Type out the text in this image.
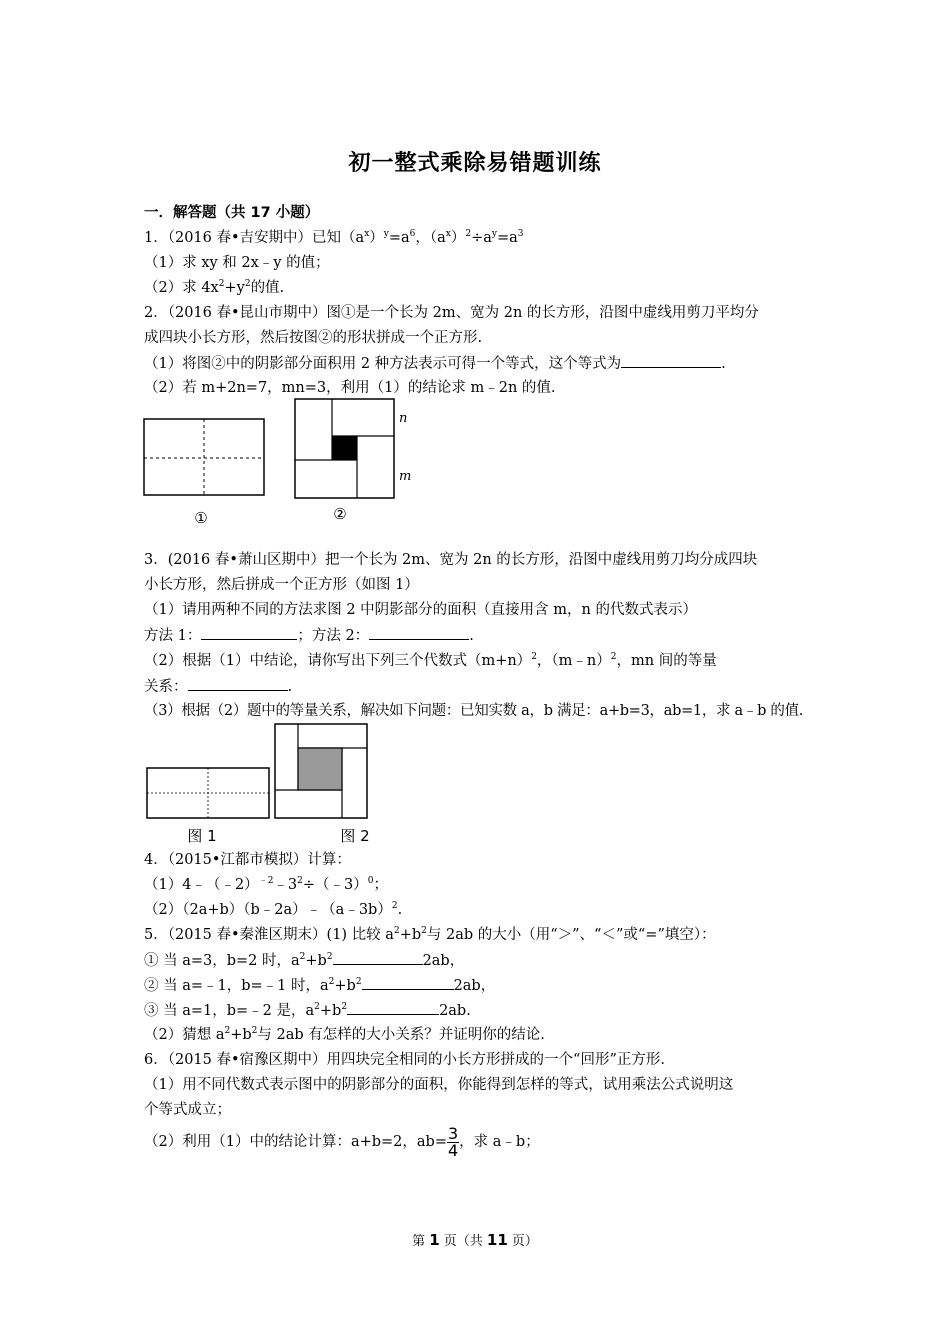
初一整式乘除易错题训练
一．解答题（共 17 小题）
1．（2016 春•吉安期中）已知$(a^x)^y=a^6$，$(a^x)^2\div a^y=a^3$
（1）求 xy 和 2x﹣y 的值；
（2）求 $4x^2+y^2$的值.
2．（2016 春•昆山市期中）图①是一个长为 2m、宽为 2n 的长方形，沿图中虚线用剪刀平均分
成四块小长方形，然后按图②的形状拼成一个正方形.
（1）将图②中的阴影部分面积用 2 种方法表示可得一个等式，这个等式为	.
（2）若 m+2n=7，mn=3，利用（1）的结论求 m﹣2n 的值.
①
n
m
②
3．(2016 春•萧山区期中）把一个长为 2m、宽为 2n 的长方形，沿图中虚线用剪刀均分成四块
小长方形，然后拼成一个正方形（如图 1）
（1）请用两种不同的方法求图 2 中阴影部分的面积（直接用含 m，n 的代数式表示）
方法 1：	；方法 2：	.
（2）根据（1）中结论，请你写出下列三个代数式$(m+n)^2$，（m﹣n）$^2$，mn 间的等量
关系：	.
（3）根据（2）题中的等量关系，解决如下问题：已知实数 a，b 满足：a+b=3，ab=1，求 a﹣b 的值.
图 1	图 2
4．（2015•江都市模拟）计算：
$(1)4﹣(﹣2)^{﹣2}﹣3^2\div(﹣3)^0$；
（2）（2a+b）（b﹣2a）﹣（a﹣3b）$^2$.
5．（2015 春•秦淮区期末）(1) 比较 $a^2+b^2$与 2ab 的大小（用“＞”、“＜”或“=”填空）：
① 当 a=3，b=2 时，$a^2+b^2$	2ab，
② 当 a=﹣1，b=﹣1 时，$a^2+b^2$	2ab，
③ 当 a=1，b=﹣2 是，$a^2+b^2$	2ab.
（2）猜想 $a^2+b^2$与 2ab 有怎样的大小关系？并证明你的结论.
6．（2015 春•宿豫区期中）用四块完全相同的小长方形拼成的一个“回形”正方形.
（1）用不同代数式表示图中的阴影部分的面积，你能得到怎样的等式，试用乘法公式说明这
个等式成立；
（2）利用（1）中的结论计算：a+b=2，$ab= \frac{3}{4}$ ，求 a﹣b；
第 1 页（共 11 页）
